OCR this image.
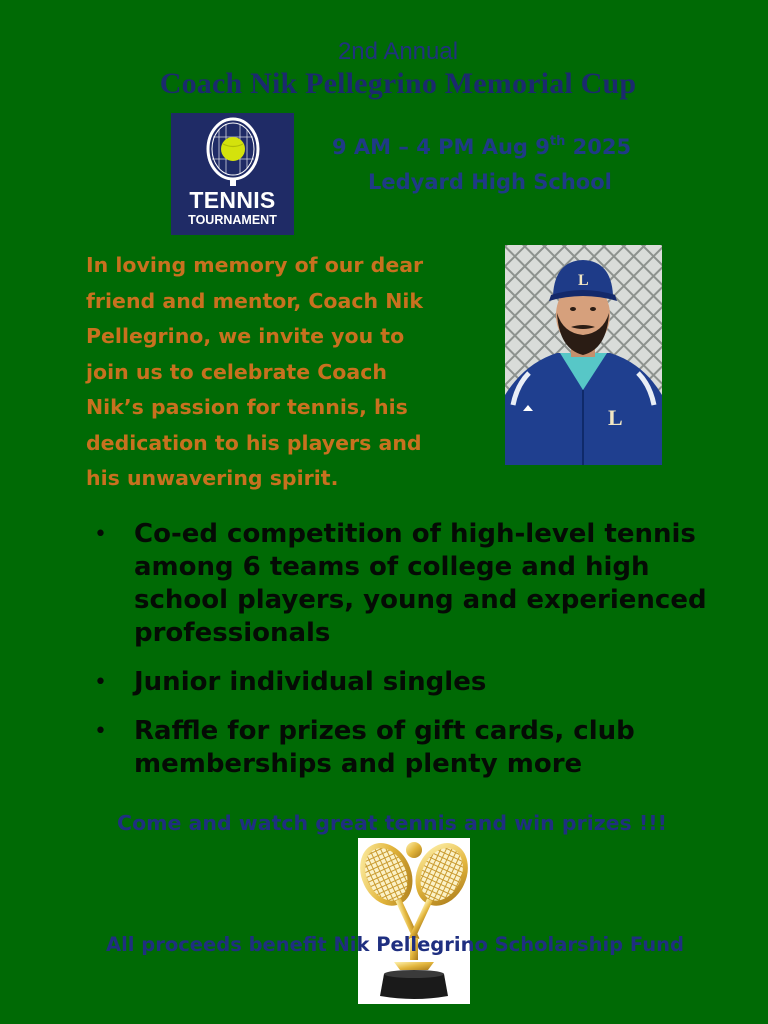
2nd Annual
Coach Nik Pellegrino Memorial Cup
TENNIS
TOURNAMENT
9 AM – 4 PM Aug 9th 2025
Ledyard High School
In loving memory of our dear
friend and mentor, Coach Nik
Pellegrino, we invite you to
join us to celebrate Coach
Nik’s passion for tennis, his
dedication to his players and
his unwavering spirit.
L
L
• Co-ed competition of high-level tennis
among 6 teams of college and high
school players, young and experienced
professionals
• Junior individual singles
• Raffle for prizes of gift cards, club
memberships and plenty more
Come and watch great tennis and win prizes !!!
All proceeds benefit Nik Pellegrino Scholarship Fund
